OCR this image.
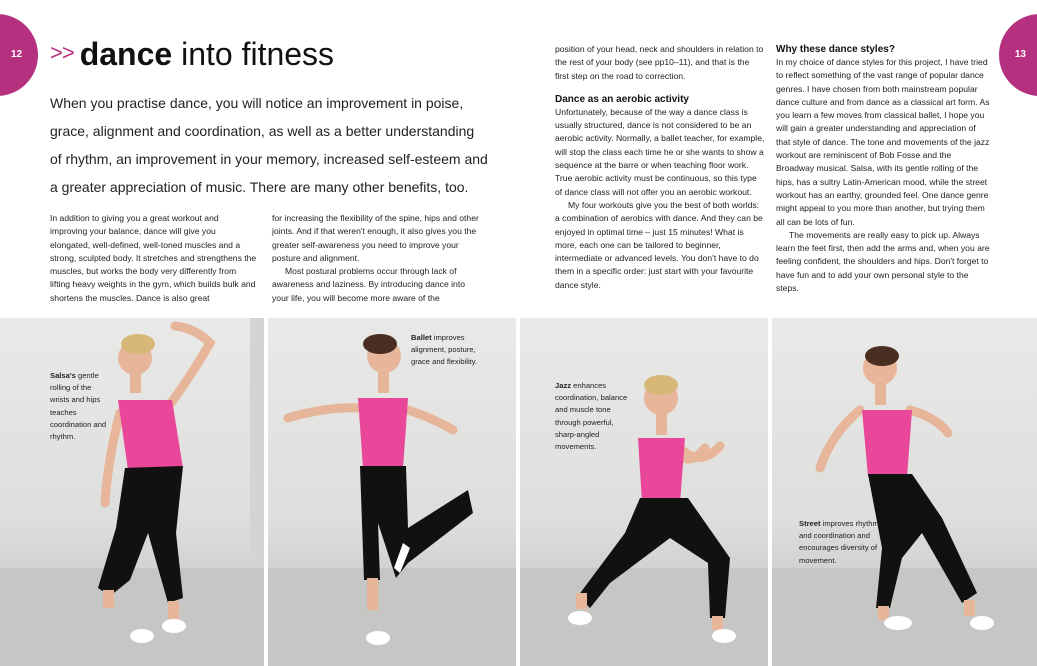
12	13
>> dance into fitness

When you practise dance, you will notice an improvement in poise,

grace, alignment and coordination, as well as a better understanding

of rhythm, an improvement in your memory, increased self-esteem and

a greater appreciation of music. There are many other benefits, too.

In addition to giving you a great workout and improving your balance, dance will give you elongated, well-defined, well-toned muscles and a strong, sculpted body. It stretches and strengthens the muscles, but works the body very differently from lifting heavy weights in the gym, which builds bulk and shortens the muscles. Dance is also great

for increasing the flexibility of the spine, hips and other joints. And if that weren't enough, it also gives you the greater self-awareness you need to improve your posture and alignment.

Most postural problems occur through lack of awareness and laziness. By introducing dance into your life, you will become more aware of the

position of your head, neck and shoulders in relation to the rest of your body (see pp10–11), and that is the first step on the road to correction.

Dance as an aerobic activity

Unfortunately, because of the way a dance class is usually structured, dance is not considered to be an aerobic activity. Normally, a ballet teacher, for example, will stop the class each time he or she wants to show a sequence at the barre or when teaching floor work. True aerobic activity must be continuous, so this type of dance class will not offer you an aerobic workout.

My four workouts give you the best of both worlds: a combination of aerobics with dance. And they can be enjoyed in optimal time – just 15 minutes! What is more, each one can be tailored to beginner, intermediate or advanced levels. You don't have to do them in a specific order: just start with your favourite dance style.

Why these dance styles?

In my choice of dance styles for this project, I have tried to reflect something of the vast range of popular dance genres. I have chosen from both mainstream popular dance culture and from dance as a classical art form. As you learn a few moves from classical ballet, I hope you will gain a greater understanding and appreciation of that style of dance. The tone and movements of the jazz workout are reminiscent of Bob Fosse and the Broadway musical. Salsa, with its gentle rolling of the hips, has a sultry Latin-American mood, while the street workout has an earthy, grounded feel. One dance genre might appeal to you more than another, but trying them all can be lots of fun.

The movements are really easy to pick up. Always learn the feet first, then add the arms and, when you are feeling confident, the shoulders and hips. Don't forget to have fun and to add your own personal style to the steps.

Salsa's gentle rolling of the wrists and hips teaches coordination and rhythm.
Ballet improves alignment, posture, grace and flexibility.
Jazz enhances coordination, balance and muscle tone through powerful, sharp-angled movements.
Street improves rhythm and coordination and encourages diversity of movement.
